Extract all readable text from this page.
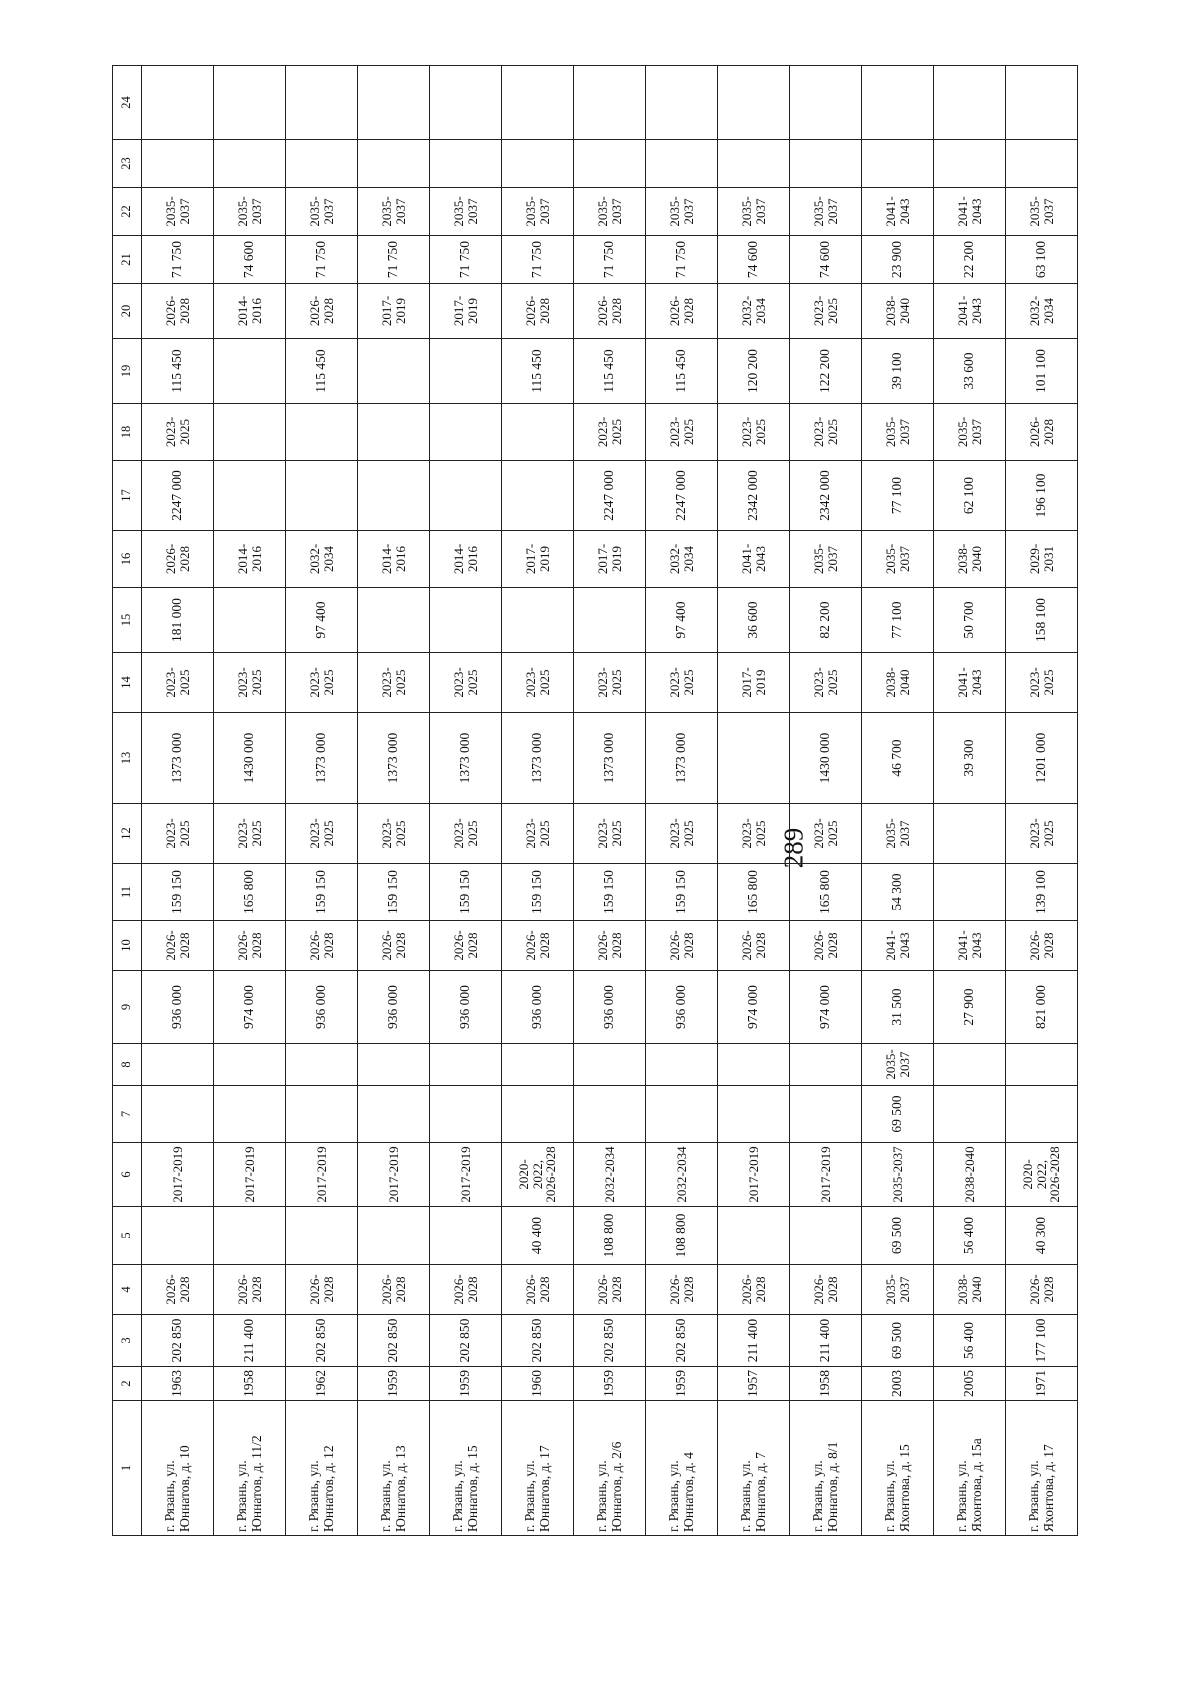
289
1	2	3	4	5	6	7	8	9	10	11	12	13	14	15	16	17	18	19	20	21	22	23	24
г. Рязань, ул. Юннатов, д. 10	1963	202 850	2026-2028		2017-2019			936 000	2026-2028	159 150	2023-2025	1373 000	2023-2025	181 000	2026-2028	2247 000	2023-2025	115 450	2026-2028	71 750	2035-2037		
г. Рязань, ул. Юннатов, д. 11/2	1958	211 400	2026-2028		2017-2019			974 000	2026-2028	165 800	2023-2025	1430 000	2023-2025		2014-2016				2014-2016	74 600	2035-2037		
г. Рязань, ул. Юннатов, д. 12	1962	202 850	2026-2028		2017-2019			936 000	2026-2028	159 150	2023-2025	1373 000	2023-2025	97 400	2032-2034			115 450	2026-2028	71 750	2035-2037		
г. Рязань, ул. Юннатов, д. 13	1959	202 850	2026-2028		2017-2019			936 000	2026-2028	159 150	2023-2025	1373 000	2023-2025		2014-2016				2017-2019	71 750	2035-2037		
г. Рязань, ул. Юннатов, д. 15	1959	202 850	2026-2028		2017-2019			936 000	2026-2028	159 150	2023-2025	1373 000	2023-2025		2014-2016				2017-2019	71 750	2035-2037		
г. Рязань, ул. Юннатов, д. 17	1960	202 850	2026-2028	40 400	2020-2022, 2026-2028			936 000	2026-2028	159 150	2023-2025	1373 000	2023-2025		2017-2019			115 450	2026-2028	71 750	2035-2037		
г. Рязань, ул. Юннатов, д. 2/6	1959	202 850	2026-2028	108 800	2032-2034			936 000	2026-2028	159 150	2023-2025	1373 000	2023-2025		2017-2019	2247 000	2023-2025	115 450	2026-2028	71 750	2035-2037		
г. Рязань, ул. Юннатов, д. 4	1959	202 850	2026-2028	108 800	2032-2034			936 000	2026-2028	159 150	2023-2025	1373 000	2023-2025	97 400	2032-2034	2247 000	2023-2025	115 450	2026-2028	71 750	2035-2037		
г. Рязань, ул. Юннатов, д. 7	1957	211 400	2026-2028		2017-2019			974 000	2026-2028	165 800	2023-2025		2017-2019	36 600	2041-2043	2342 000	2023-2025	120 200	2032-2034	74 600	2035-2037		
г. Рязань, ул. Юннатов, д. 8/1	1958	211 400	2026-2028		2017-2019			974 000	2026-2028	165 800	2023-2025	1430 000	2023-2025	82 200	2035-2037	2342 000	2023-2025	122 200	2023-2025	74 600	2035-2037		
г. Рязань, ул. Яхонтова, д. 15	2003	69 500	2035-2037	69 500	2035-2037	69 500	2035-2037	31 500	2041-2043	54 300	2035-2037	46 700	2038-2040	77 100	2035-2037	77 100	2035-2037	39 100	2038-2040	23 900	2041-2043		
г. Рязань, ул. Яхонтова, д. 15а	2005	56 400	2038-2040	56 400	2038-2040			27 900	2041-2043			39 300	2041-2043	50 700	2038-2040	62 100	2035-2037	33 600	2041-2043	22 200	2041-2043		
г. Рязань, ул. Яхонтова, д. 17	1971	177 100	2026-2028	40 300	2020-2022, 2026-2028			821 000	2026-2028	139 100	2023-2025	1201 000	2023-2025	158 100	2029-2031	196 100	2026-2028	101 100	2032-2034	63 100	2035-2037		
